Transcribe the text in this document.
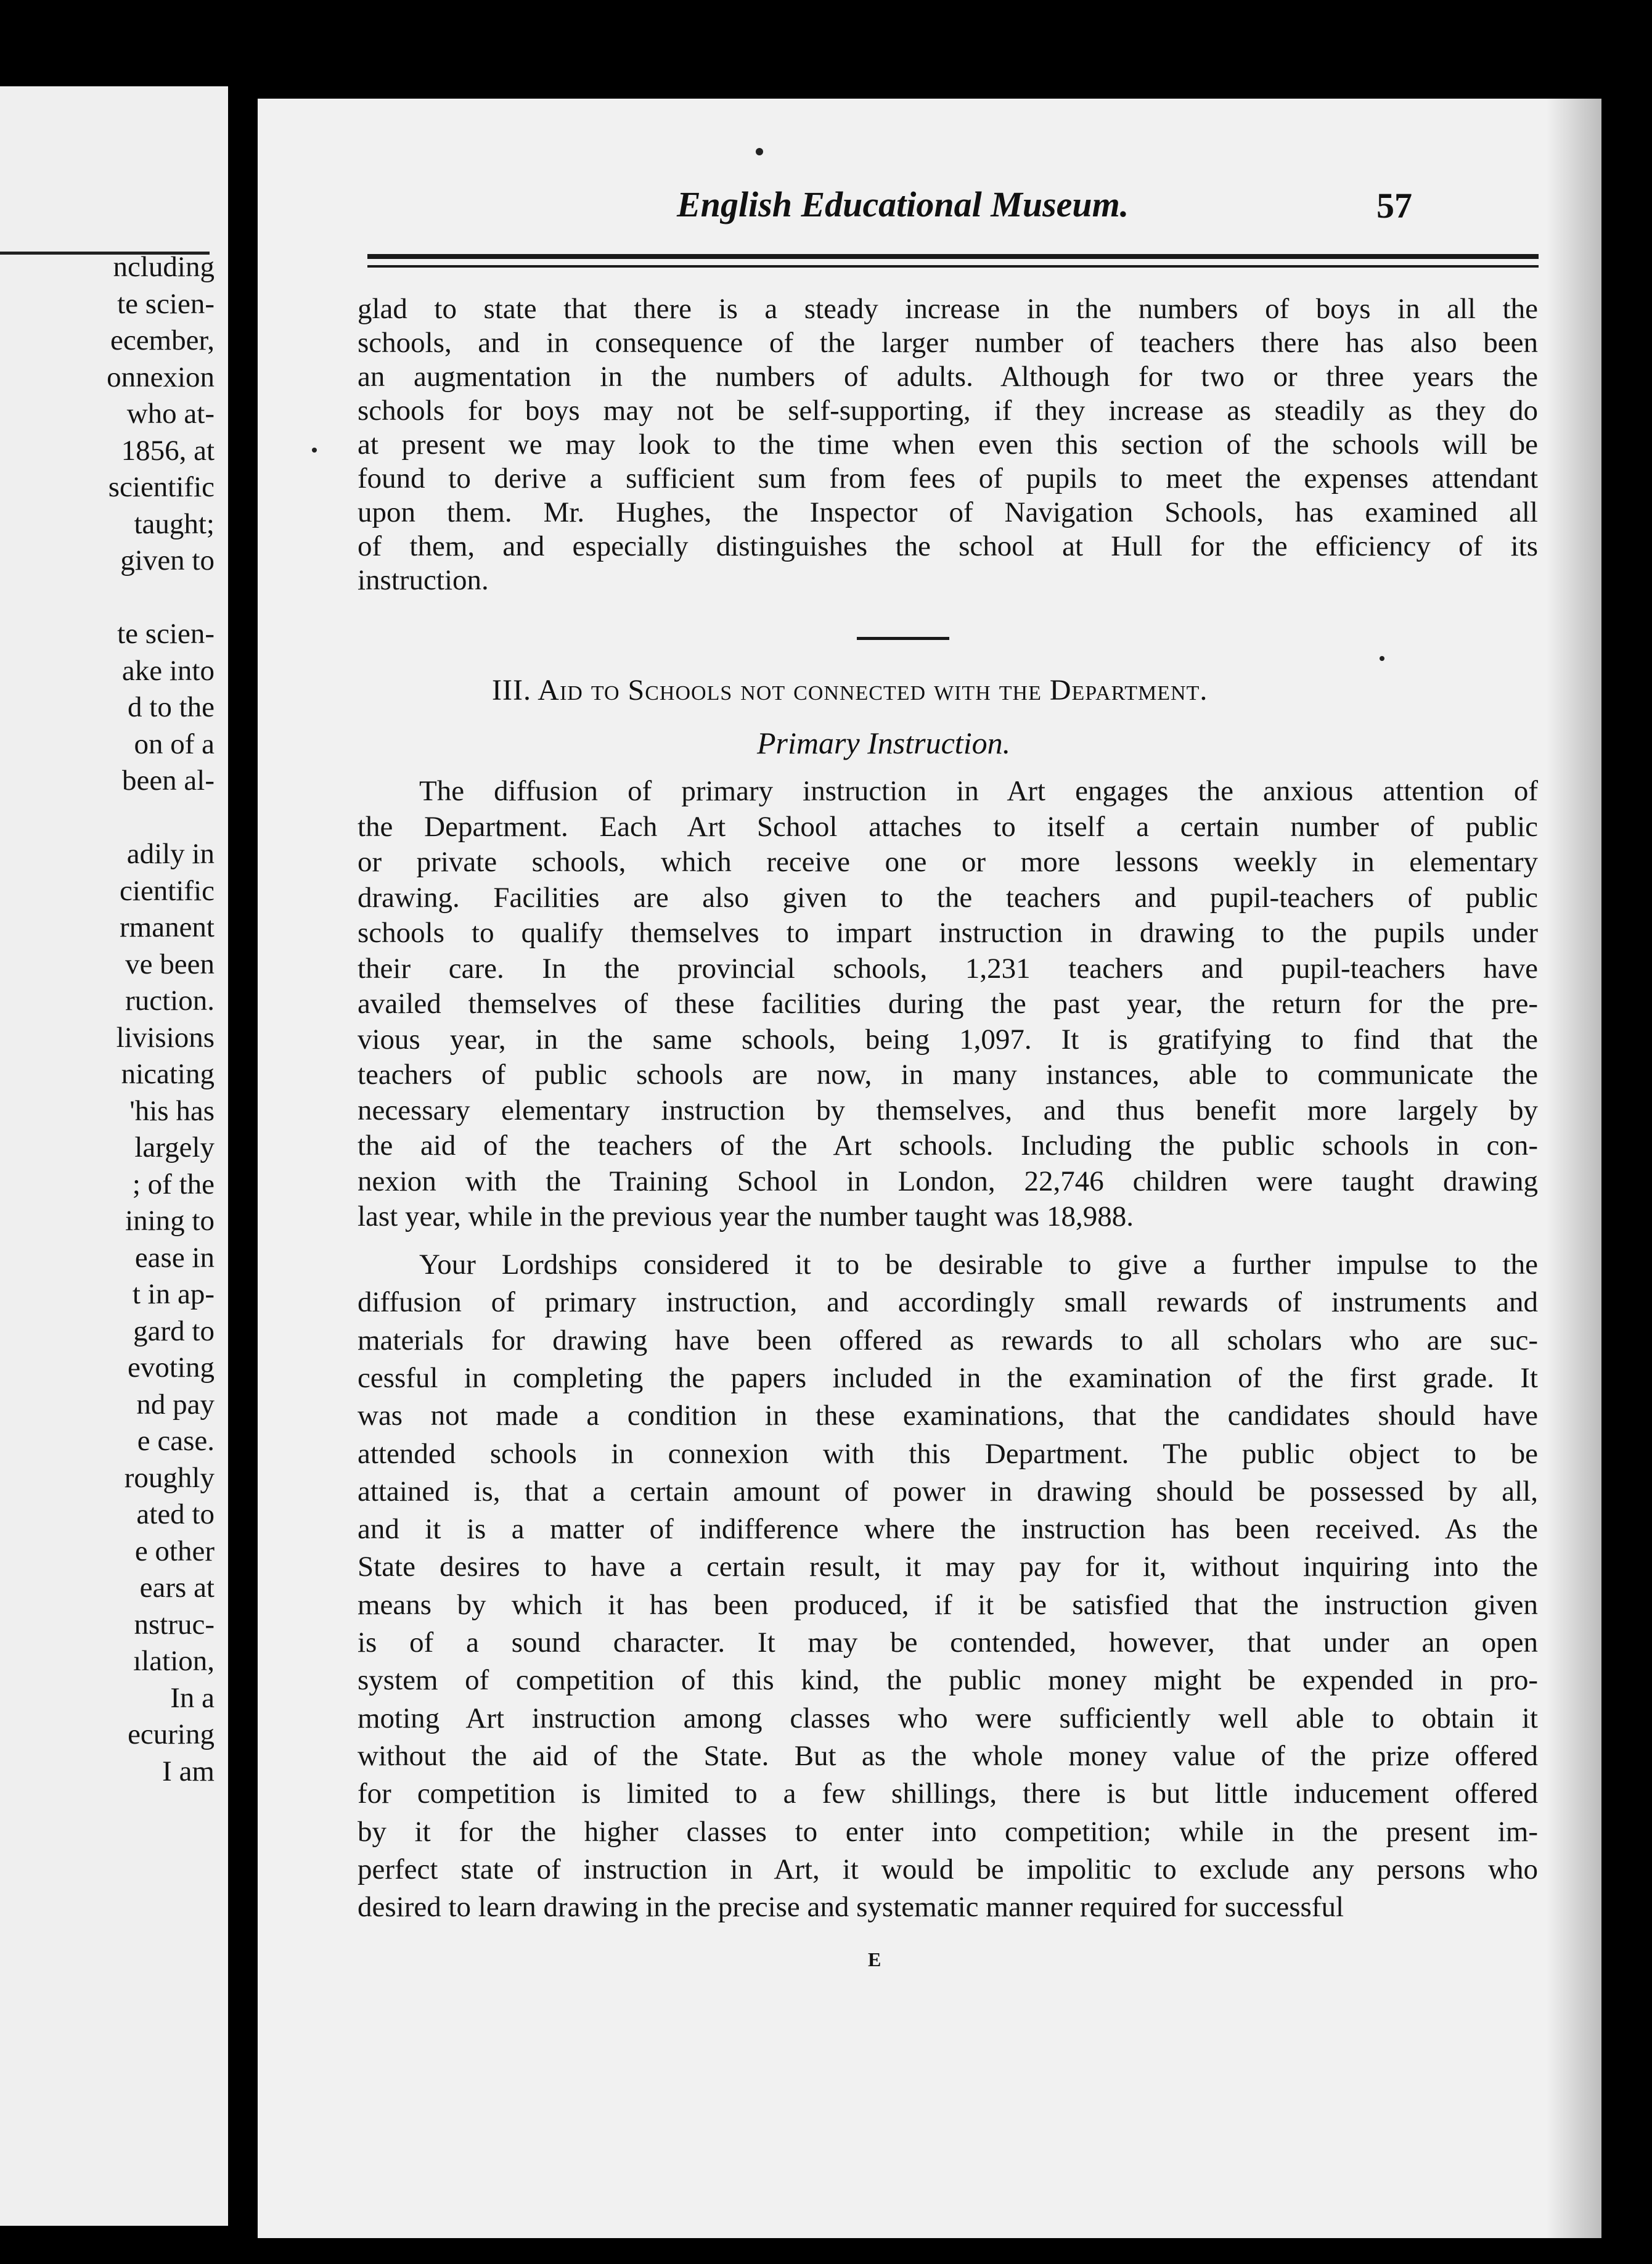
ncluding
te scien-
ecember,
onnexion
who at-
1856, at
scientific
taught;
given to
te scien-
ake into
d to the
on of a
been al-
adily in
cientific
rmanent
ve been
ruction.
livisions
nicating
'his has
largely
; of the
ining to
ease in
t in ap-
gard to
evoting
nd pay
e case.
roughly
ated to
e other
ears at
nstruc-
ılation,
In a
ecuring
I am
English Educational Museum.	57
glad to state that there is a steady increase in the numbers of boys in all the
schools, and in consequence of the larger number of teachers there has also been
an augmentation in the numbers of adults. Although for two or three years the
schools for boys may not be self-supporting, if they increase as steadily as they do
at present we may look to the time when even this section of the schools will be
found to derive a sufficient sum from fees of pupils to meet the expenses attendant
upon them. Mr. Hughes, the Inspector of Navigation Schools, has examined all
of them, and especially distinguishes the school at Hull for the efficiency of its
instruction.
III. Aid to Schools not connected with the Department.
Primary Instruction.
The diffusion of primary instruction in Art engages the anxious attention of
the Department. Each Art School attaches to itself a certain number of public
or private schools, which receive one or more lessons weekly in elementary
drawing. Facilities are also given to the teachers and pupil-teachers of public
schools to qualify themselves to impart instruction in drawing to the pupils under
their care. In the provincial schools, 1,231 teachers and pupil-teachers have
availed themselves of these facilities during the past year, the return for the pre-
vious year, in the same schools, being 1,097. It is gratifying to find that the
teachers of public schools are now, in many instances, able to communicate the
necessary elementary instruction by themselves, and thus benefit more largely by
the aid of the teachers of the Art schools. Including the public schools in con-
nexion with the Training School in London, 22,746 children were taught drawing
last year, while in the previous year the number taught was 18,988.
Your Lordships considered it to be desirable to give a further impulse to the
diffusion of primary instruction, and accordingly small rewards of instruments and
materials for drawing have been offered as rewards to all scholars who are suc-
cessful in completing the papers included in the examination of the first grade. It
was not made a condition in these examinations, that the candidates should have
attended schools in connexion with this Department. The public object to be
attained is, that a certain amount of power in drawing should be possessed by all,
and it is a matter of indifference where the instruction has been received. As the
State desires to have a certain result, it may pay for it, without inquiring into the
means by which it has been produced, if it be satisfied that the instruction given
is of a sound character. It may be contended, however, that under an open
system of competition of this kind, the public money might be expended in pro-
moting Art instruction among classes who were sufficiently well able to obtain it
without the aid of the State. But as the whole money value of the prize offered
for competition is limited to a few shillings, there is but little inducement offered
by it for the higher classes to enter into competition; while in the present im-
perfect state of instruction in Art, it would be impolitic to exclude any persons who
desired to learn drawing in the precise and systematic manner required for successful
E
